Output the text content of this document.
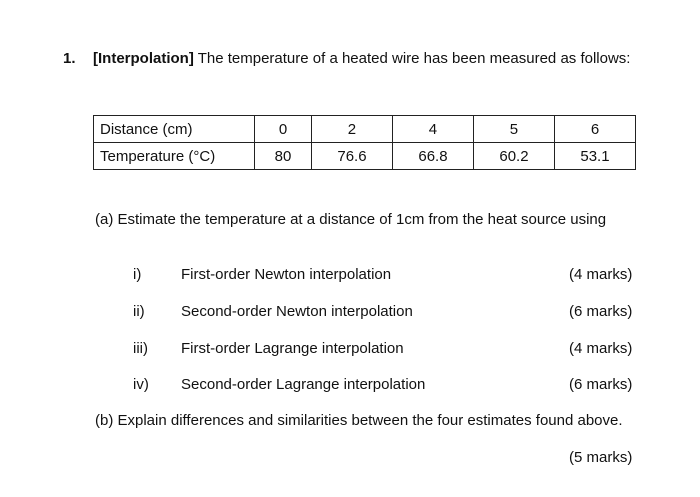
1. [Interpolation] The temperature of a heated wire has been measured as follows:
Distance (cm)	0	2	4	5	6
Temperature (°C)	80	76.6	66.8	60.2	53.1
(a) Estimate the temperature at a distance of 1cm from the heat source using
i)	First-order Newton interpolation	(4 marks)
ii) Second-order Newton interpolation	(6 marks)
iii) First-order Lagrange interpolation	(4 marks)
iv) Second-order Lagrange interpolation	(6 marks)
(b) Explain differences and similarities between the four estimates found above.
(5 marks)
